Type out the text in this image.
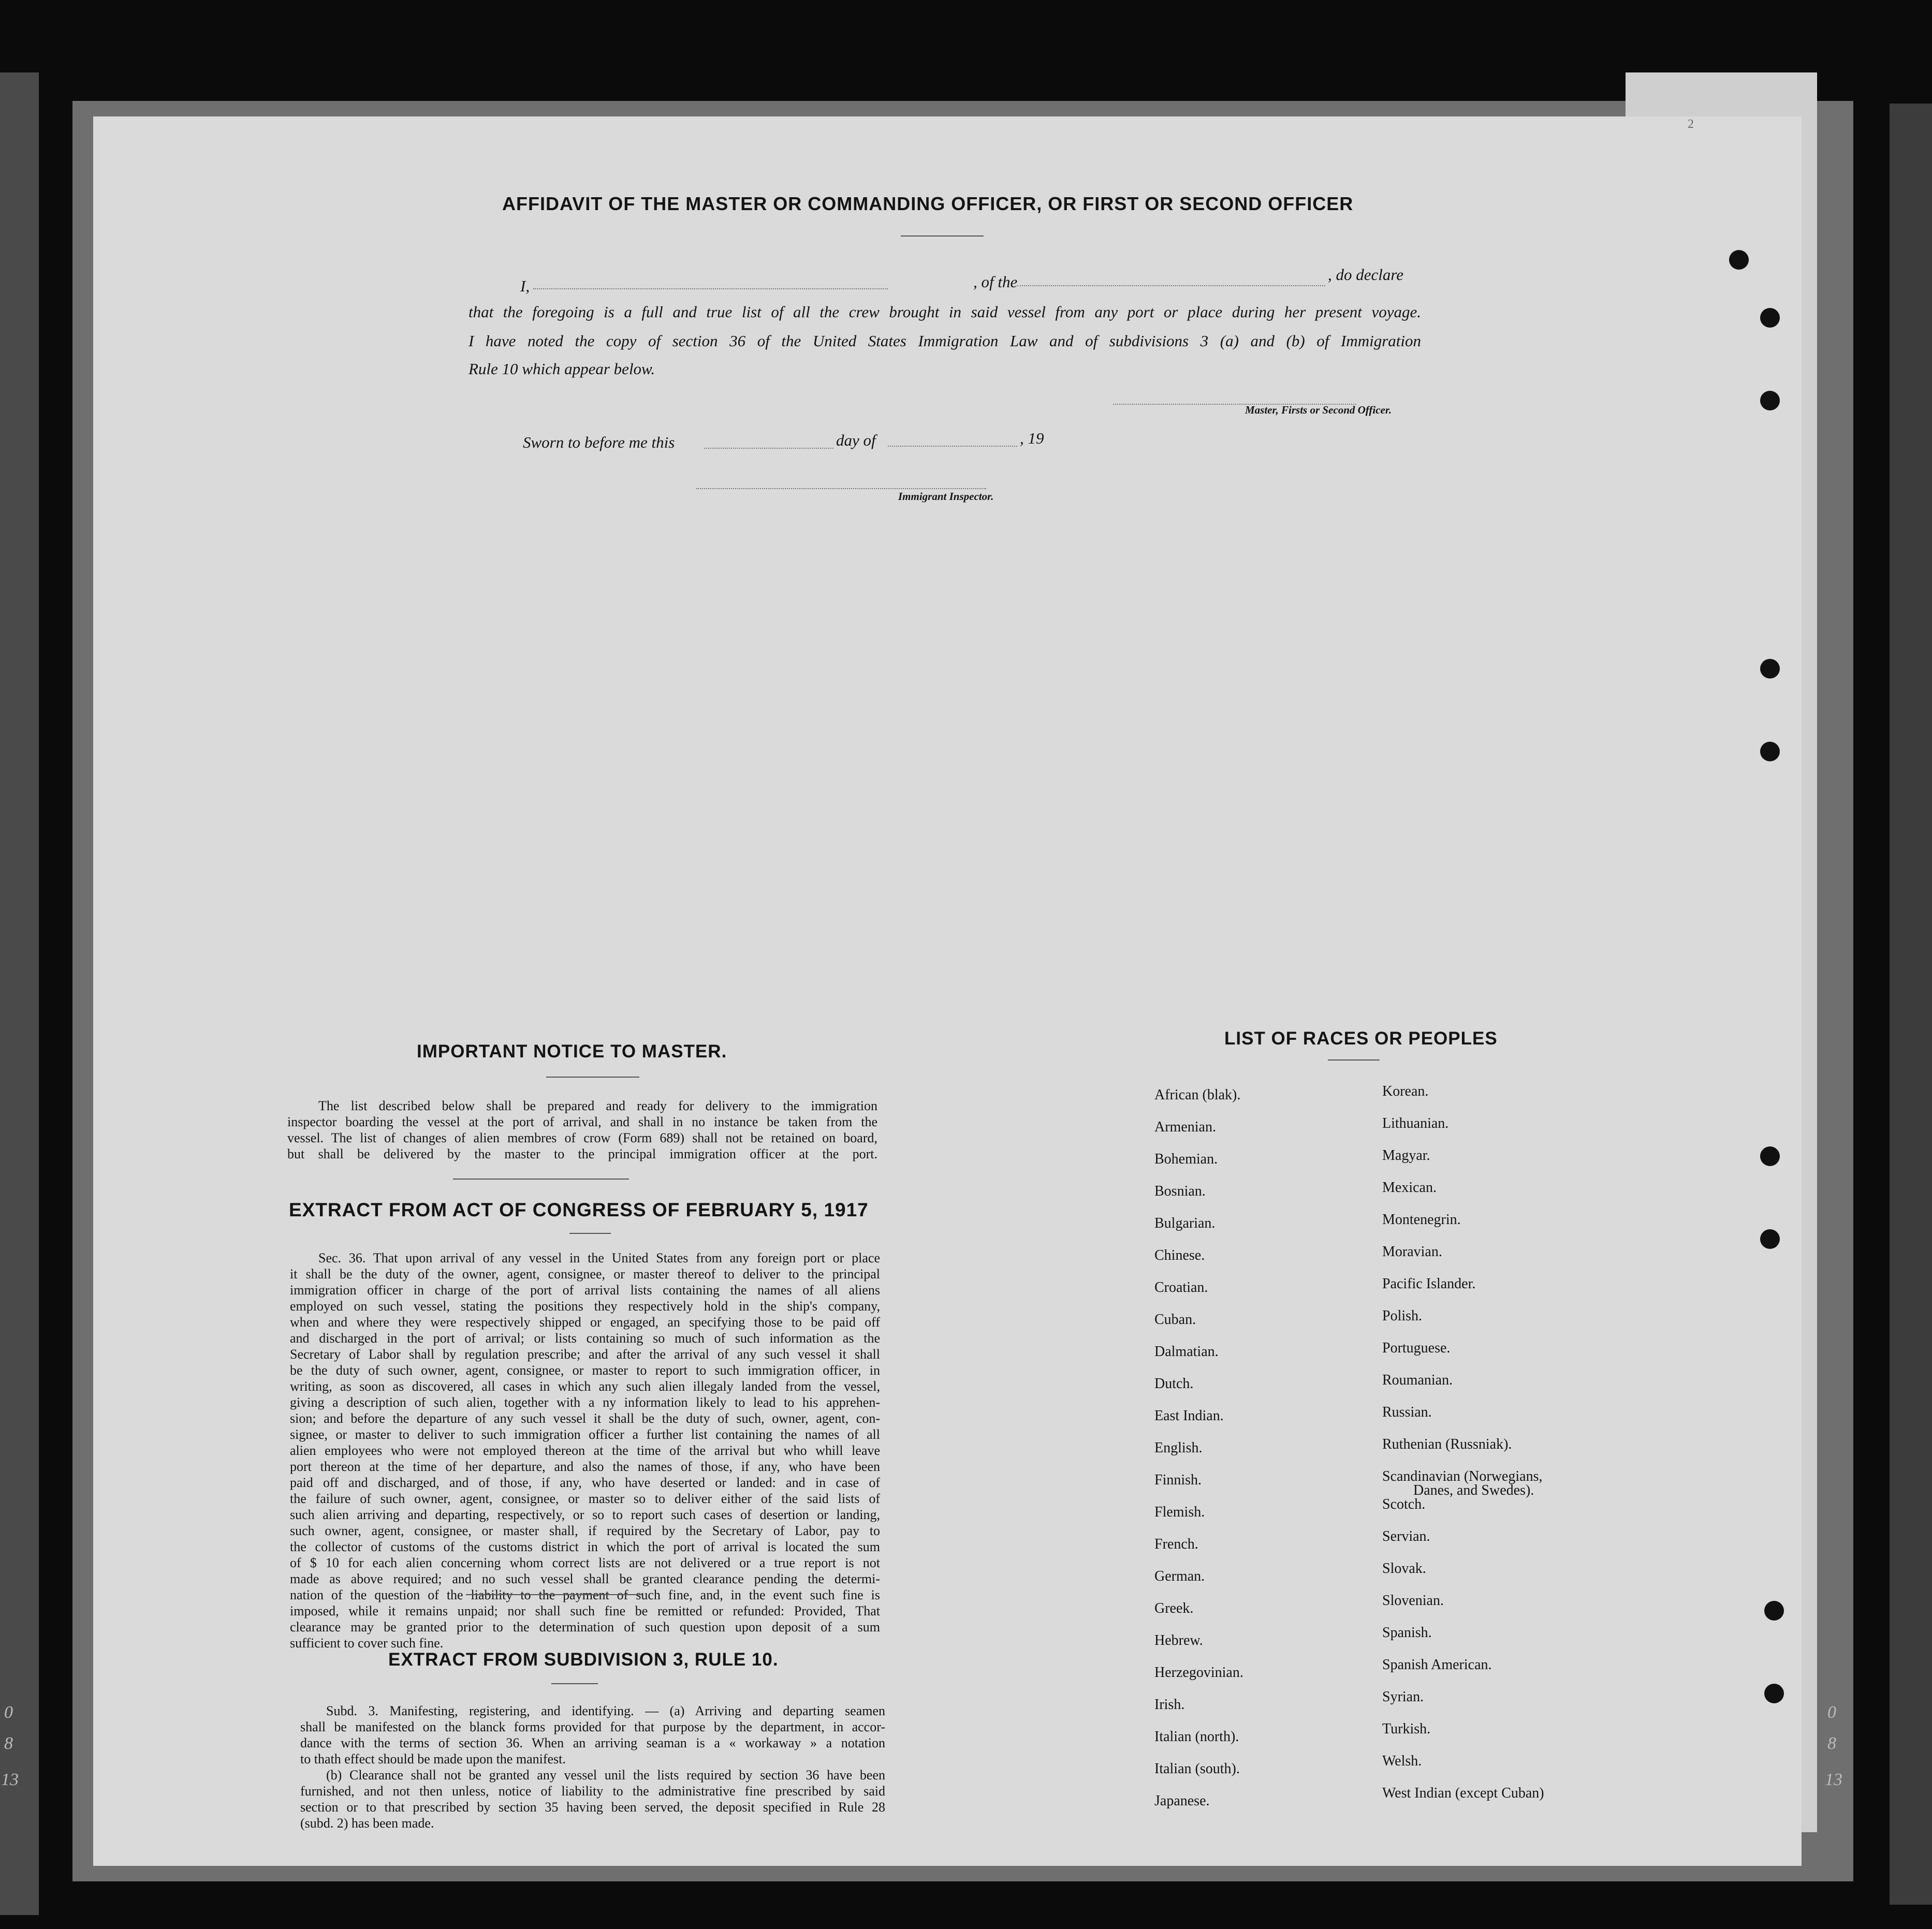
2
AFFIDAVIT OF THE MASTER OR COMMANDING OFFICER, OR FIRST OR SECOND OFFICER
I,	, of the	, do declare
that the foregoing is a full and true list of all the crew brought in said vessel from any port or place during her present voyage.
I have noted the copy of section 36 of the United States Immigration Law and of subdivisions 3 (a) and (b) of Immigration
Rule 10 which appear below.
Master, Firsts or Second Officer.
Sworn to before me this	day of	, 19
Immigrant Inspector.
IMPORTANT NOTICE TO MASTER.
The list described below shall be prepared and ready for delivery to the immigration
inspector boarding the vessel at the port of arrival, and shall in no instance be taken from the
vessel. The list of changes of alien membres of crow (Form 689) shall not be retained on board,
but shall be delivered by the master to the principal immigration officer at the port.
EXTRACT FROM ACT OF CONGRESS OF FEBRUARY 5, 1917
Sec. 36. That upon arrival of any vessel in the United States from any foreign port or place
it shall be the duty of the owner, agent, consignee, or master thereof to deliver to the principal
immigration officer in charge of the port of arrival lists containing the names of all aliens
employed on such vessel, stating the positions they respectively hold in the ship's company,
when and where they were respectively shipped or engaged, an specifying those to be paid off
and discharged in the port of arrival; or lists containing so much of such information as the
Secretary of Labor shall by regulation prescribe; and after the arrival of any such vessel it shall
be the duty of such owner, agent, consignee, or master to report to such immigration officer, in
writing, as soon as discovered, all cases in which any such alien illegaly landed from the vessel,
giving a description of such alien, together with a ny information likely to lead to his apprehen-
sion; and before the departure of any such vessel it shall be the duty of such, owner, agent, con-
signee, or master to deliver to such immigration officer a further list containing the names of all
alien employees who were not employed thereon at the time of the arrival but who whill leave
port thereon at the time of her departure, and also the names of those, if any, who have been
paid off and discharged, and of those, if any, who have deserted or landed: and in case of
the failure of such owner, agent, consignee, or master so to deliver either of the said lists of
such alien arriving and departing, respectively, or so to report such cases of desertion or landing,
such owner, agent, consignee, or master shall, if required by the Secretary of Labor, pay to
the collector of customs of the customs district in which the port of arrival is located the sum
of $ 10 for each alien concerning whom correct lists are not delivered or a true report is not
made as above required; and no such vessel shall be granted clearance pending the determi-
nation of the question of the liability to the payment of such fine, and, in the event such fine is
imposed, while it remains unpaid; nor shall such fine be remitted or refunded: Provided, That
clearance may be granted prior to the determination of such question upon deposit of a sum
sufficient to cover such fine.
EXTRACT FROM SUBDIVISION 3, RULE 10.
Subd. 3. Manifesting, registering, and identifying. — (a) Arriving and departing seamen
shall be manifested on the blanck forms provided for that purpose by the department, in accor-
dance with the terms of section 36. When an arriving seaman is a « workaway » a notation
to thath effect should be made upon the manifest.
(b) Clearance shall not be granted any vessel unil the lists required by section 36 have been
furnished, and not then unless, notice of liability to the administrative fine prescribed by said
section or to that prescribed by section 35 having been served, the deposit specified in Rule 28
(subd. 2) has been made.
LIST OF RACES OR PEOPLES
African (blak).
Armenian.
Bohemian.
Bosnian.
Bulgarian.
Chinese.
Croatian.
Cuban.
Dalmatian.
Dutch.
East Indian.
English.
Finnish.
Flemish.
French.
German.
Greek.
Hebrew.
Herzegovinian.
Irish.
Italian (north).
Italian (south).
Japanese.
Korean.
Lithuanian.
Magyar.
Mexican.
Montenegrin.
Moravian.
Pacific Islander.
Polish.
Portuguese.
Roumanian.
Russian.
Ruthenian (Russniak).
Scandinavian (Norwegians,
Danes, and Swedes).
Scotch.
Servian.
Slovak.
Slovenian.
Spanish.
Spanish American.
Syrian.
Turkish.
Welsh.
West Indian (except Cuban)
0
8
13
0
8
13
